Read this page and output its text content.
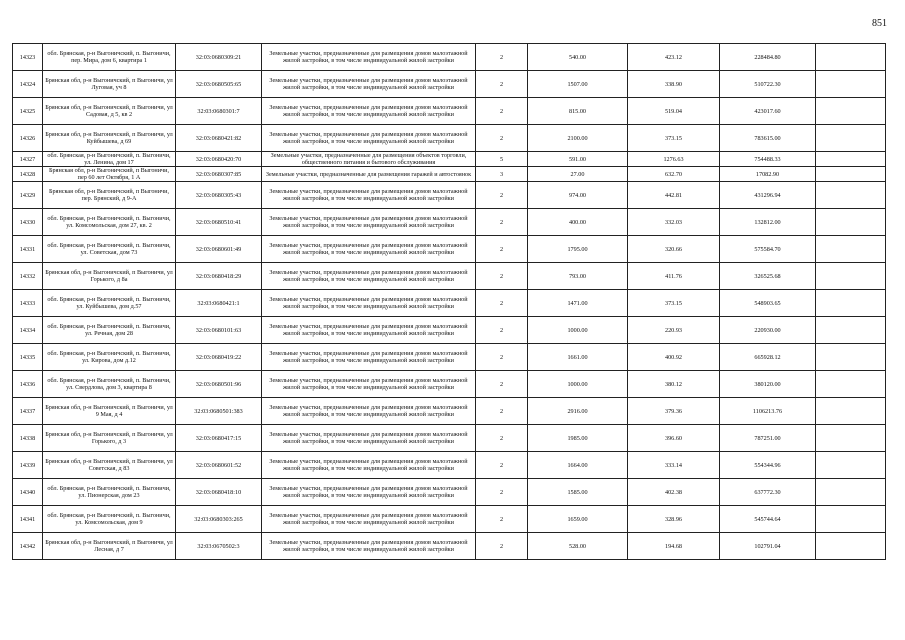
851
14323	обл. Брянская, р-н Выгоничский, п. Выгоничи, пер. Мира, дом 6, квартира 1	32:03:0680309:21	Земельные участки, предназначенные для размещения домов малоэтажной жилой застройки, в том числе индивидуальной жилой застройки	2	540.00	423.12	228484.80	
14324	Брянская обл, р-н Выгоничский, п Выгоничи, ул Луговая, уч 8	32:03:0680505:65	Земельные участки, предназначенные для размещения домов малоэтажной жилой застройки, в том числе индивидуальной жилой застройки	2	1507.00	338.90	510722.30	
14325	Брянская обл, р-н Выгоничский, п Выгоничи, ул Садовая, д 5, кв 2	32:03:0680301:7	Земельные участки, предназначенные для размещения домов малоэтажной жилой застройки, в том числе индивидуальной жилой застройки	2	815.00	519.04	423017.60	
14326	Брянская обл, р-н Выгоничский, п Выгоничи, ул Куйбышева, д 69	32:03:0680421:82	Земельные участки, предназначенные для размещения домов малоэтажной жилой застройки, в том числе индивидуальной жилой застройки	2	2100.00	373.15	783615.00	
14327	обл. Брянская, р-н Выгоничский, п. Выгоничи, ул. Ленина, дом 17	32:03:0680420:70	Земельные участки, предназначенные для размещения объектов торговли, общественного питания и бытового обслуживания	5	591.00	1276.63	754488.33	
14328	Брянская обл, р-н Выгоничский, п Выгоничи, пер 60 лет Октября, 1 А	32:03:0680307:85	Земельные участки, предназначенные для размещения гаражей и автостоянок	3	27.00	632.70	17082.90	
14329	Брянская обл, р-н Выгоничский, п Выгоничи, пер. Брянский, д 9-А	32:03:0680305:43	Земельные участки, предназначенные для размещения домов малоэтажной жилой застройки, в том числе индивидуальной жилой застройки	2	974.00	442.81	431296.94	
14330	обл. Брянская, р-н Выгоничский, п. Выгоничи, ул. Комсомольская, дом 27, кв. 2	32:03:0680510:41	Земельные участки, предназначенные для размещения домов малоэтажной жилой застройки, в том числе индивидуальной жилой застройки	2	400.00	332.03	132812.00	
14331	обл. Брянская, р-н Выгоничский, п. Выгоничи, ул. Советская, дом 73	32:03:0680601:49	Земельные участки, предназначенные для размещения домов малоэтажной жилой застройки, в том числе индивидуальной жилой застройки	2	1795.00	320.66	575584.70	
14332	Брянская обл, р-н Выгоничский, п Выгоничи, ул Горького, д 8а	32:03:0680418:29	Земельные участки, предназначенные для размещения домов малоэтажной жилой застройки, в том числе индивидуальной жилой застройки	2	793.00	411.76	326525.68	
14333	обл. Брянская, р-н Выгоничский, п. Выгоничи, ул. Куйбышева, дом д.57	32:03:0680421:1	Земельные участки, предназначенные для размещения домов малоэтажной жилой застройки, в том числе индивидуальной жилой застройки	2	1471.00	373.15	548903.65	
14334	обл. Брянская, р-н Выгоничский, п. Выгоничи, ул. Речная, дом 28	32:03:0680101:63	Земельные участки, предназначенные для размещения домов малоэтажной жилой застройки, в том числе индивидуальной жилой застройки	2	1000.00	220.93	220930.00	
14335	обл. Брянская, р-н Выгоничский, п. Выгоничи, ул. Кирова, дом д.12	32:03:0680419:22	Земельные участки, предназначенные для размещения домов малоэтажной жилой застройки, в том числе индивидуальной жилой застройки	2	1661.00	400.92	665928.12	
14336	обл. Брянская, р-н Выгоничский, п. Выгоничи, ул. Свердлова, дом 3, квартира 8	32:03:0680501:96	Земельные участки, предназначенные для размещения домов малоэтажной жилой застройки, в том числе индивидуальной жилой застройки	2	1000.00	380.12	380120.00	
14337	Брянская обл, р-н Выгоничский, п Выгоничи, ул 9 Мая, д 4	32:03:0680501:383	Земельные участки, предназначенные для размещения домов малоэтажной жилой застройки, в том числе индивидуальной жилой застройки	2	2916.00	379.36	1106213.76	
14338	Брянская обл, р-н Выгоничский, п Выгоничи, ул Горького, д 3	32:03:0680417:15	Земельные участки, предназначенные для размещения домов малоэтажной жилой застройки, в том числе индивидуальной жилой застройки	2	1985.00	396.60	787251.00	
14339	Брянская обл, р-н Выгоничский, п Выгоничи, ул Советская, д 83	32:03:0680601:52	Земельные участки, предназначенные для размещения домов малоэтажной жилой застройки, в том числе индивидуальной жилой застройки	2	1664.00	333.14	554344.96	
14340	обл. Брянская, р-н Выгоничский, п. Выгоничи, ул. Пионерская, дом 23	32:03:0680418:10	Земельные участки, предназначенные для размещения домов малоэтажной жилой застройки, в том числе индивидуальной жилой застройки	2	1585.00	402.38	637772.30	
14341	обл. Брянская, р-н Выгоничский, п. Выгоничи, ул. Комсомольская, дом 9	32:03:0680303:265	Земельные участки, предназначенные для размещения домов малоэтажной жилой застройки, в том числе индивидуальной жилой застройки	2	1659.00	328.96	545744.64	
14342	Брянская обл, р-н Выгоничский, п Выгоничи, ул Лесная, д 7	32:03:0670502:3	Земельные участки, предназначенные для размещения домов малоэтажной жилой застройки, в том числе индивидуальной жилой застройки	2	528.00	194.68	102791.04	
